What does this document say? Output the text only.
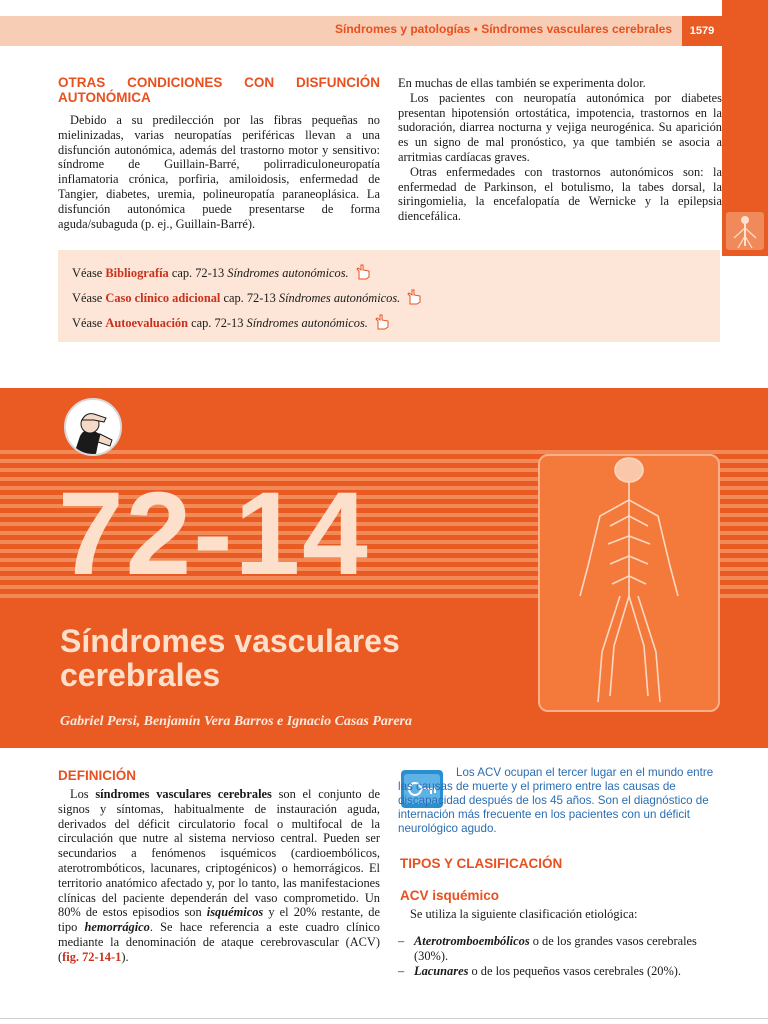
Síndromes y patologías • Síndromes vasculares cerebrales	1579
OTRAS CONDICIONES CON DISFUNCIÓN AUTONÓMICA

Debido a su predilección por las fibras pequeñas no mielinizadas, varias neuropatías periféricas llevan a una disfunción autonómica, además del trastorno motor y sensitivo: síndrome de Guillain-Barré, polirradiculoneuropatía inflamatoria crónica, porfiria, amiloidosis, enfermedad de Tangier, diabetes, uremia, polineuropatía paraneoplásica. La disfunción autonómica puede presentarse de forma aguda/subaguda (p. ej., Guillain-Barré).

En muchas de ellas también se experimenta dolor.

Los pacientes con neuropatía autonómica por diabetes presentan hipotensión ortostática, impotencia, trastornos en la sudoración, diarrea nocturna y vejiga neurogénica. Su aparición es un signo de mal pronóstico, ya que también se asocia a arritmias cardíacas graves.

Otras enfermedades con trastornos autonómicos son: la enfermedad de Parkinson, el botulismo, la tabes dorsal, la siringomielia, la encefalopatía de Wernicke y la epilepsia diencefálica.

Véase Bibliografía cap. 72-13 Síndromes autonómicos.
Véase Caso clínico adicional cap. 72-13 Síndromes autonómicos.
Véase Autoevaluación cap. 72-13 Síndromes autonómicos.
72-14
Síndromes vasculares cerebrales
Gabriel Persi, Benjamín Vera Barros e Ignacio Casas Parera
DEFINICIÓN

Los síndromes vasculares cerebrales son el conjunto de signos y síntomas, habitualmente de instauración aguda, derivados del déficit circulatorio focal o multifocal de la circulación que nutre al sistema nervioso central. Pueden ser secundarios a fenómenos isquémicos (cardioembólicos, aterotrombóticos, lacunares, criptogénicos) o hemorrágicos. El territorio anatómico afectado y, por lo tanto, las manifestaciones clínicas del paciente dependerán del vaso comprometido. Un 80% de estos episodios son isquémicos y el 20% restante, de tipo hemorrágico. Se hace referencia a este cuadro clínico mediante la denominación de ataque cerebrovascular (ACV) (fig. 72-14-1).

Los ACV ocupan el tercer lugar en el mundo entre las causas de muerte y el primero entre las causas de discapacidad después de los 45 años. Son el diagnóstico de internación más frecuente en los pacientes con un déficit neurológico agudo.
TIPOS Y CLASIFICACIÓN
ACV isquémico
Se utiliza la siguiente clasificación etiológica:
– Aterotromboembólicos o de los grandes vasos cerebrales (30%).
– Lacunares o de los pequeños vasos cerebrales (20%).
